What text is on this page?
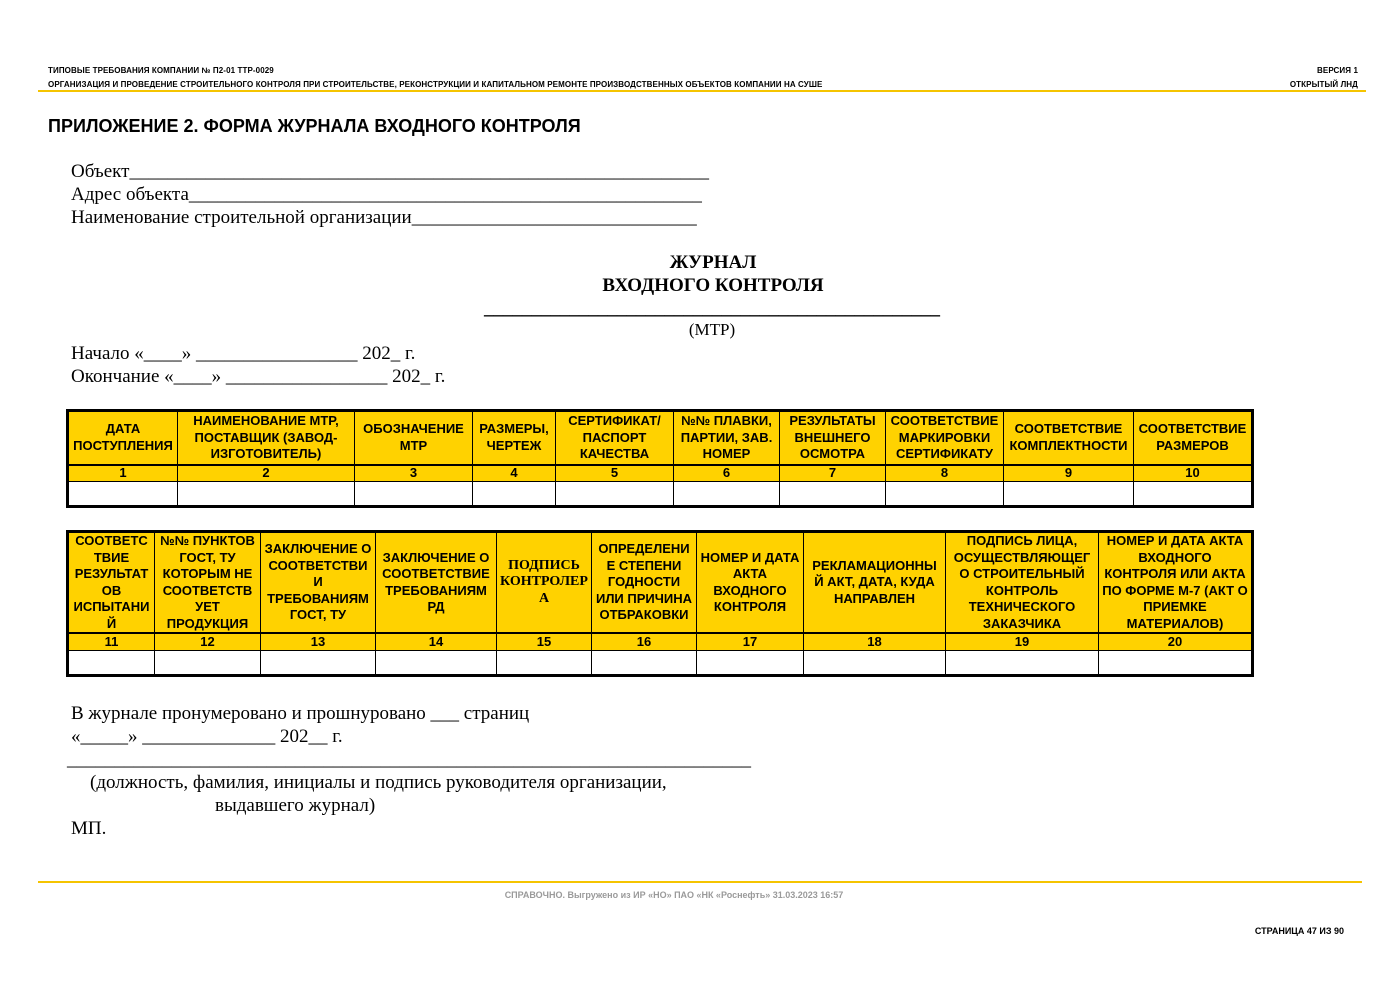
ТИПОВЫЕ ТРЕБОВАНИЯ КОМПАНИИ № П2-01 ТТР-0029	ВЕРСИЯ 1
ОРГАНИЗАЦИЯ И ПРОВЕДЕНИЕ СТРОИТЕЛЬНОГО КОНТРОЛЯ ПРИ СТРОИТЕЛЬСТВЕ, РЕКОНСТРУКЦИИ И КАПИТАЛЬНОМ РЕМОНТЕ ПРОИЗВОДСТВЕННЫХ ОБЪЕКТОВ КОМПАНИИ НА СУШЕ	ОТКРЫТЫЙ ЛНД
ПРИЛОЖЕНИЕ 2. ФОРМА ЖУРНАЛА ВХОДНОГО КОНТРОЛЯ
Объект_____________________________________________________________
Адрес объекта______________________________________________________
Наименование строительной организации______________________________
ЖУРНАЛ
ВХОДНОГО КОНТРОЛЯ
________________________________________________
(МТР)
Начало «____» _________________ 202_ г.
Окончание «____» _________________ 202_ г.
ДАТА ПОСТУПЛЕНИЯ	НАИМЕНОВАНИЕ МТР, ПОСТАВЩИК (ЗАВОД-ИЗГОТОВИТЕЛЬ)	ОБОЗНАЧЕНИЕ МТР	РАЗМЕРЫ, ЧЕРТЕЖ	СЕРТИФИКАТ/ ПАСПОРТ КАЧЕСТВА	№№ ПЛАВКИ, ПАРТИИ, ЗАВ. НОМЕР	РЕЗУЛЬТАТЫ ВНЕШНЕГО ОСМОТРА	СООТВЕТСТВИЕ МАРКИРОВКИ СЕРТИФИКАТУ	СООТВЕТСТВИЕ КОМПЛЕКТНОСТИ	СООТВЕТСТВИЕ РАЗМЕРОВ
1	2	3	4	5	6	7	8	9	10

СООТВЕТС ТВИЕ РЕЗУЛЬТАТ ОВ ИСПЫТАНИ Й	№№ ПУНКТОВ ГОСТ, ТУ КОТОРЫМ НЕ СООТВЕТСТВ УЕТ ПРОДУКЦИЯ	ЗАКЛЮЧЕНИЕ О СООТВЕТСТВИ И ТРЕБОВАНИЯМ ГОСТ, ТУ	ЗАКЛЮЧЕНИЕ О СООТВЕТСТВИЕ ТРЕБОВАНИЯМ РД	ПОДПИСЬ КОНТРОЛЕР А	ОПРЕДЕЛЕНИ Е СТЕПЕНИ ГОДНОСТИ ИЛИ ПРИЧИНА ОТБРАКОВКИ	НОМЕР И ДАТА АКТА ВХОДНОГО КОНТРОЛЯ	РЕКЛАМАЦИОННЫ Й АКТ, ДАТА, КУДА НАПРАВЛЕН	ПОДПИСЬ ЛИЦА, ОСУЩЕСТВЛЯЮЩЕГ О СТРОИТЕЛЬНЫЙ КОНТРОЛЬ ТЕХНИЧЕСКОГО ЗАКАЗЧИКА	НОМЕР И ДАТА АКТА ВХОДНОГО КОНТРОЛЯ ИЛИ АКТА ПО ФОРМЕ М-7 (АКТ О ПРИЕМКЕ МАТЕРИАЛОВ)
11	12	13	14	15	16	17	18	19	20

В журнале пронумеровано и прошнуровано ___ страниц
«_____» ______________ 202__ г.
________________________________________________________________________
(должность, фамилия, инициалы и подпись руководителя организации,
выдавшего журнал)
МП.
СПРАВОЧНО. Выгружено из ИР «НО» ПАО «НК «Роснефть» 31.03.2023 16:57
СТРАНИЦА 47 ИЗ 90
